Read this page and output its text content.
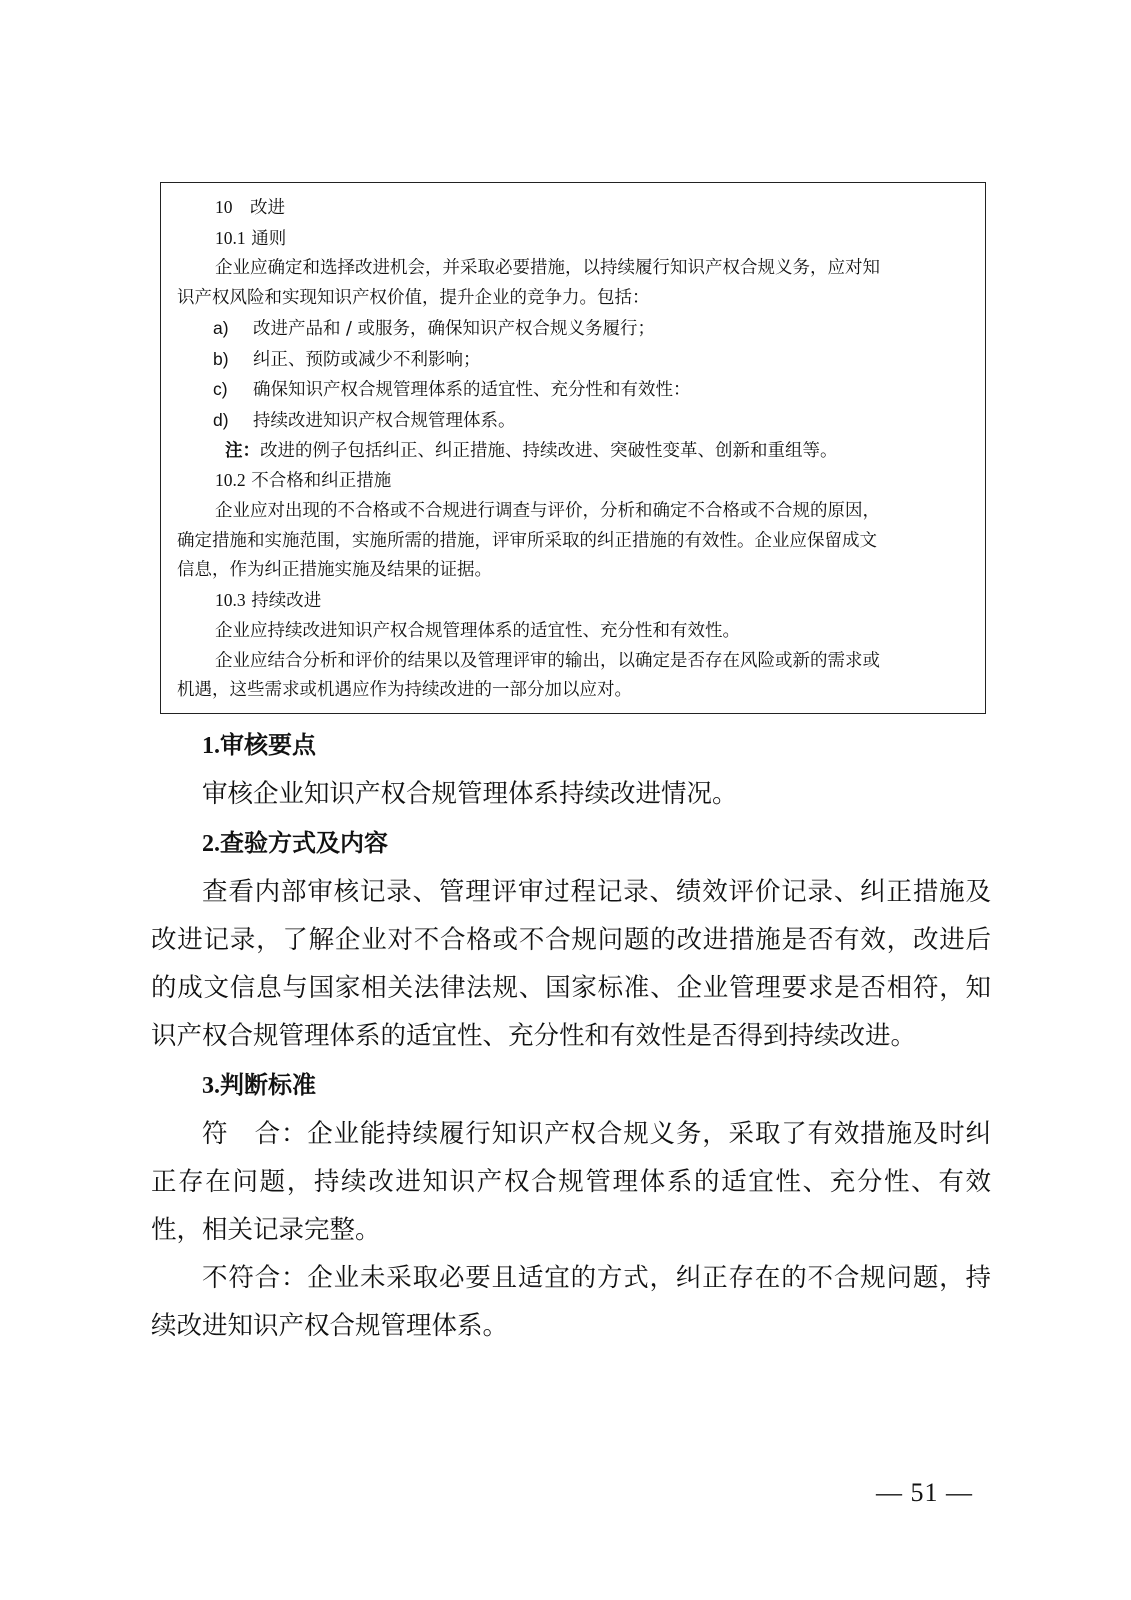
10　 改进
10.1 通则
企业应确定和选择改进机会，并采取必要措施，以持续履行知识产权合规义务，应对知
识产权风险和实现知识产权价值，提升企业的竞争力。包括：
a) 改进产品和 / 或服务，确保知识产权合规义务履行；
b) 纠正、预防或减少不利影响；
c) 确保知识产权合规管理体系的适宜性、充分性和有效性：
d) 持续改进知识产权合规管理体系。
注：改进的例子包括纠正、纠正措施、持续改进、突破性变革、创新和重组等。
10.2 不合格和纠正措施
企业应对出现的不合格或不合规进行调查与评价，分析和确定不合格或不合规的原因，
确定措施和实施范围，实施所需的措施，评审所采取的纠正措施的有效性。企业应保留成文
信息，作为纠正措施实施及结果的证据。
10.3 持续改进
企业应持续改进知识产权合规管理体系的适宜性、充分性和有效性。
企业应结合分析和评价的结果以及管理评审的输出，以确定是否存在风险或新的需求或
机遇，这些需求或机遇应作为持续改进的一部分加以应对。
1.审核要点
审核企业知识产权合规管理体系持续改进情况。
2.查验方式及内容
查看内部审核记录、管理评审过程记录、绩效评价记录、纠正措施及改进记录，了解企业对不合格或不合规问题的改进措施是否有效，改进后的成文信息与国家相关法律法规、国家标准、企业管理要求是否相符，知识产权合规管理体系的适宜性、充分性和有效性是否得到持续改进。
3.判断标准
符　合：企业能持续履行知识产权合规义务，采取了有效措施及时纠正存在问题，持续改进知识产权合规管理体系的适宜性、充分性、有效性，相关记录完整。
不符合：企业未采取必要且适宜的方式，纠正存在的不合规问题，持续改进知识产权合规管理体系。
— 51 —
